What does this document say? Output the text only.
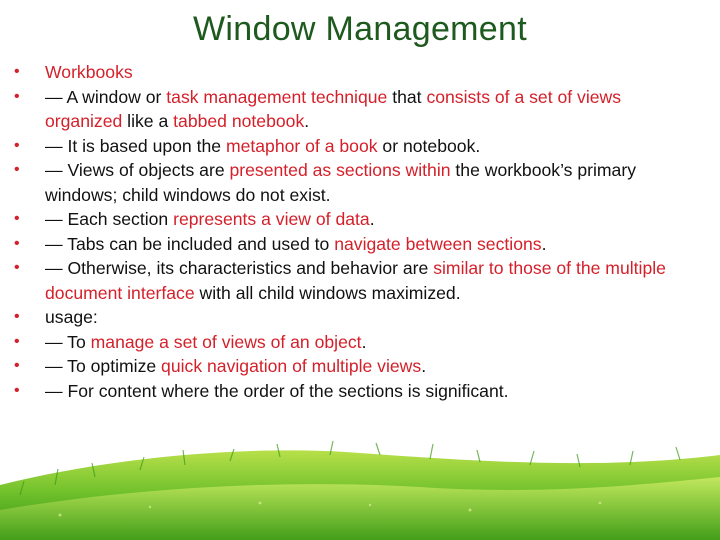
Window Management
• Workbooks
• — A window or task management technique that consists of a set of views organized like a tabbed notebook.
• — It is based upon the metaphor of a book or notebook.
• — Views of objects are presented as sections within the workbook’s primary windows; child windows do not exist.
• — Each section represents a view of data.
• — Tabs can be included and used to navigate between sections.
• — Otherwise, its characteristics and behavior are similar to those of the multiple document interface with all child windows maximized.
• usage:
• — To manage a set of views of an object.
• — To optimize quick navigation of multiple views.
• — For content where the order of the sections is significant.
